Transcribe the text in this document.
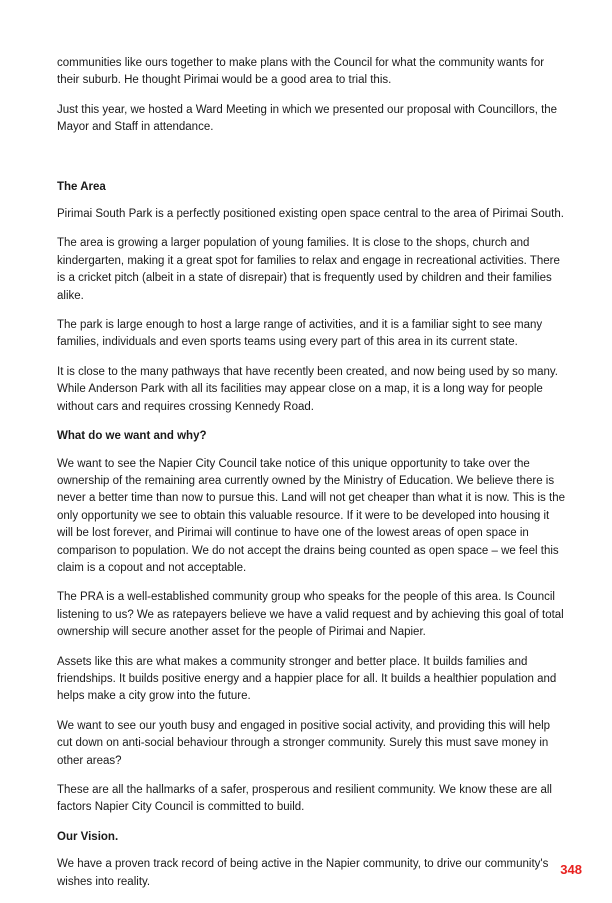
communities like ours together to make plans with the Council for what the community wants for their suburb. He thought Pirimai would be a good area to trial this.

Just this year, we hosted a Ward Meeting in which we presented our proposal with Councillors, the Mayor and Staff in attendance.

The Area

Pirimai South Park is a perfectly positioned existing open space central to the area of Pirimai South.

The area is growing a larger population of young families. It is close to the shops, church and kindergarten, making it a great spot for families to relax and engage in recreational activities. There is a cricket pitch (albeit in a state of disrepair) that is frequently used by children and their families alike.

The park is large enough to host a large range of activities, and it is a familiar sight to see many families, individuals and even sports teams using every part of this area in its current state.

It is close to the many pathways that have recently been created, and now being used by so many. While Anderson Park with all its facilities may appear close on a map, it is a long way for people without cars and requires crossing Kennedy Road.

What do we want and why?

We want to see the Napier City Council take notice of this unique opportunity to take over the ownership of the remaining area currently owned by the Ministry of Education. We believe there is never a better time than now to pursue this. Land will not get cheaper than what it is now. This is the only opportunity we see to obtain this valuable resource. If it were to be developed into housing it will be lost forever, and Pirimai will continue to have one of the lowest areas of open space in comparison to population. We do not accept the drains being counted as open space – we feel this claim is a copout and not acceptable.

The PRA is a well-established community group who speaks for the people of this area. Is Council listening to us? We as ratepayers believe we have a valid request and by achieving this goal of total ownership will secure another asset for the people of Pirimai and Napier.

Assets like this are what makes a community stronger and better place. It builds families and friendships. It builds positive energy and a happier place for all. It builds a healthier population and helps make a city grow into the future.

We want to see our youth busy and engaged in positive social activity, and providing this will help cut down on anti-social behaviour through a stronger community. Surely this must save money in other areas?

These are all the hallmarks of a safer, prosperous and resilient community. We know these are all factors Napier City Council is committed to build.

Our Vision.

We have a proven track record of being active in the Napier community, to drive our community's wishes into reality.

348
